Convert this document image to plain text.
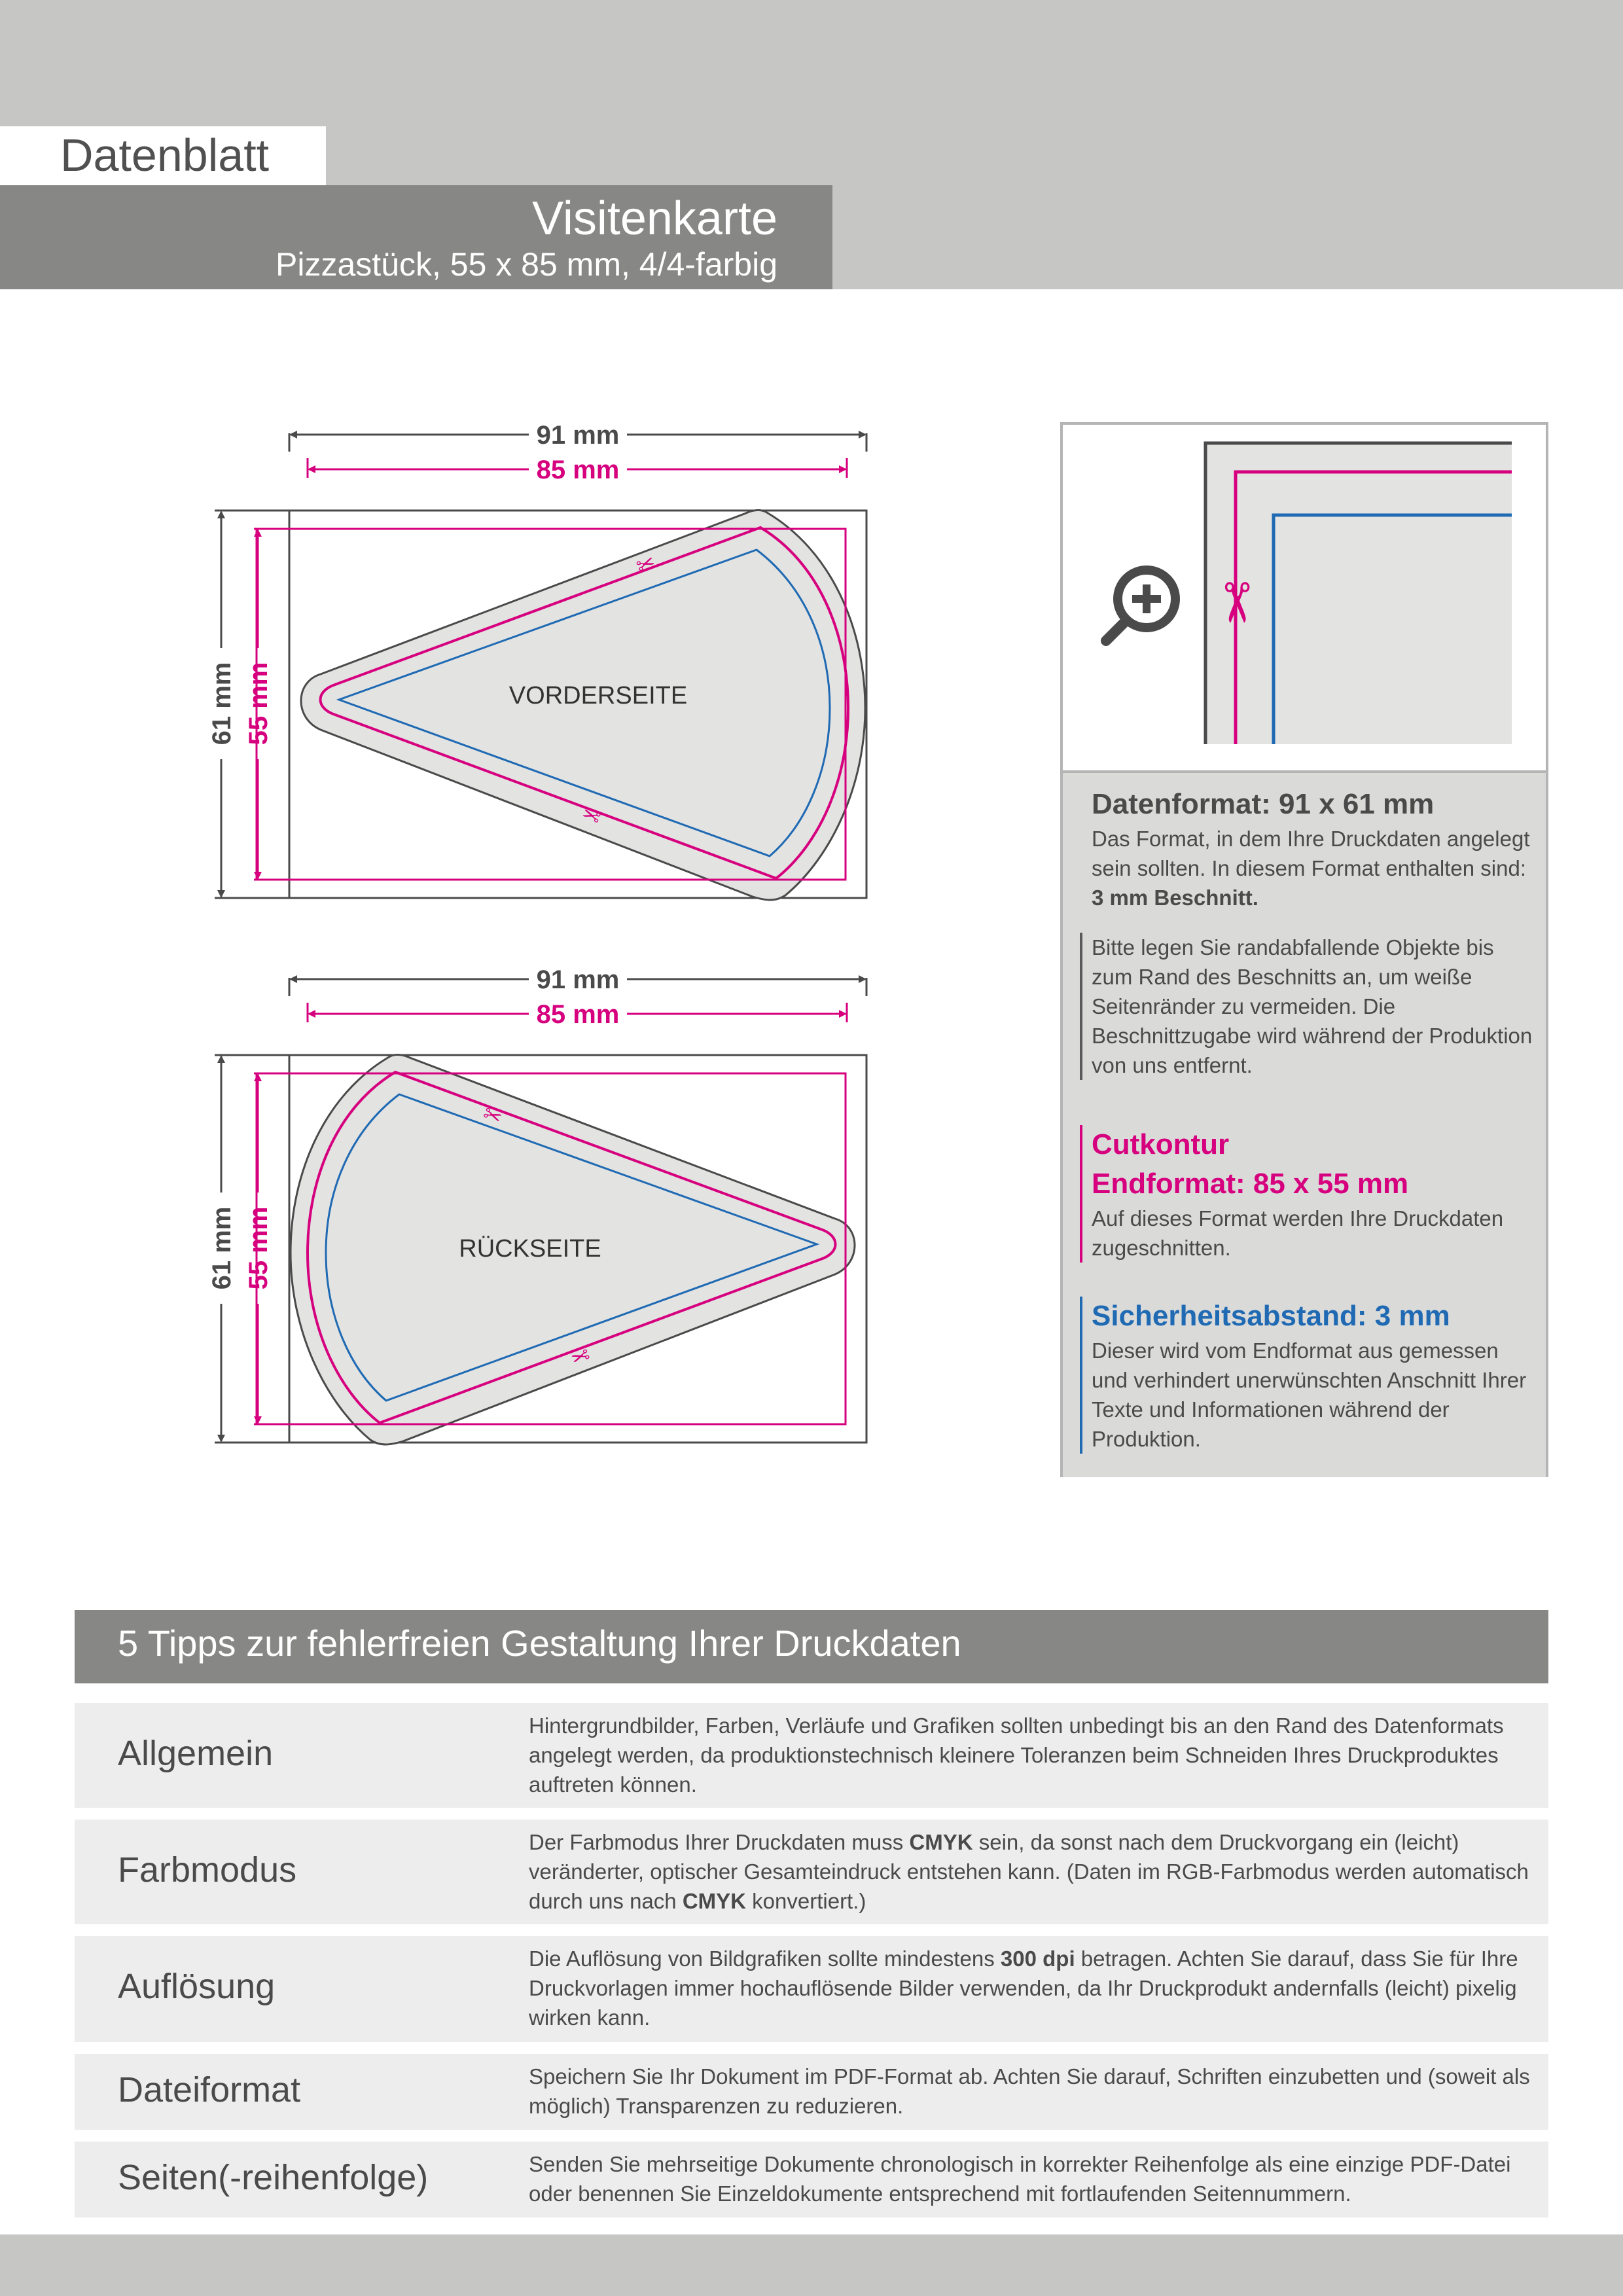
Datenblatt
Visitenkarte
Pizzastück, 55 x 85 mm, 4/4-farbig
✂
✂
VORDERSEITE
91 mm
85 mm
61 mm 55 mm
✂
✂
RÜCKSEITE
91 mm
85 mm
61 mm 55 mm
✂
Datenformat: 91 x 61 mm
Das Format, in dem Ihre Druckdaten angelegt sein sollten. In diesem Format enthalten sind: 3 mm Beschnitt.
Bitte legen Sie randabfallende Objekte bis zum Rand des Beschnitts an, um weiße Seitenränder zu vermeiden. Die Beschnittzugabe wird während der Produktion von uns entfernt.
Cutkontur
Endformat: 85 x 55 mm
Auf dieses Format werden Ihre Druckdaten zugeschnitten.
Sicherheitsabstand: 3 mm
Dieser wird vom Endformat aus gemessen und verhindert unerwünschten Anschnitt Ihrer Texte und Informationen während der Produktion.
5 Tipps zur fehlerfreien Gestaltung Ihrer Druckdaten
Allgemein
Hintergrundbilder, Farben, Verläufe und Grafiken sollten unbedingt bis an den Rand des Datenformats angelegt werden, da produktionstechnisch kleinere Toleranzen beim Schneiden Ihres Druckproduktes auftreten können.
Farbmodus
Der Farbmodus Ihrer Druckdaten muss CMYK sein, da sonst nach dem Druckvorgang ein (leicht) veränderter, optischer Gesamteindruck entstehen kann. (Daten im RGB-Farbmodus werden automatisch durch uns nach CMYK konvertiert.)
Auflösung
Die Auflösung von Bildgrafiken sollte mindestens 300 dpi betragen. Achten Sie darauf, dass Sie für Ihre Druckvorlagen immer hochauflösende Bilder verwenden, da Ihr Druckprodukt andernfalls (leicht) pixelig wirken kann.
Dateiformat	Speichern Sie Ihr Dokument im PDF-Format ab. Achten Sie darauf, Schriften einzubetten und (soweit als möglich) Transparenzen zu reduzieren.
Seiten(-reihenfolge)	Senden Sie mehrseitige Dokumente chronologisch in korrekter Reihenfolge als eine einzige PDF-Datei oder benennen Sie Einzeldokumente entsprechend mit fortlaufenden Seitennummern.
